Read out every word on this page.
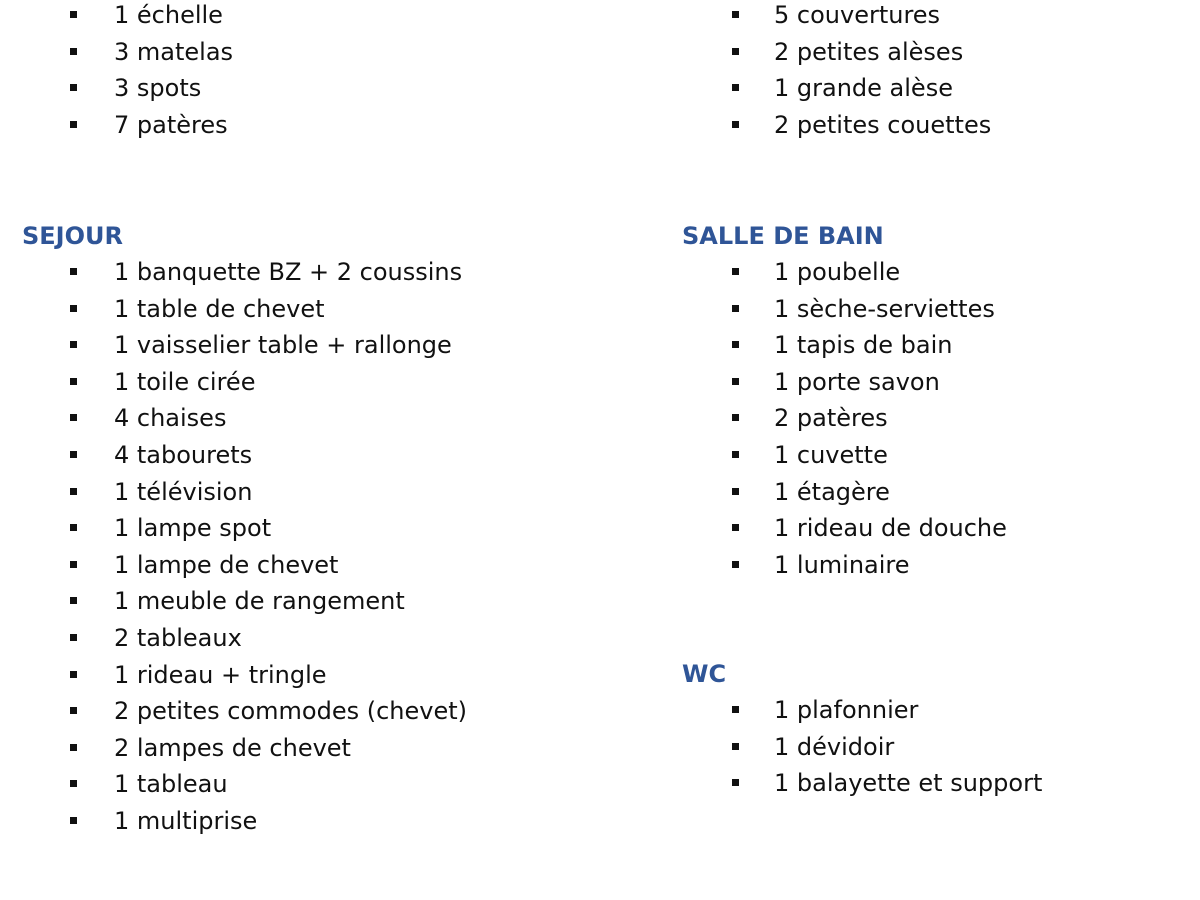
1 échelle
3 matelas
3 spots
7 patères
SEJOUR
1 banquette BZ + 2 coussins
1 table de chevet
1 vaisselier table + rallonge
1 toile cirée
4 chaises
4 tabourets
1 télévision
1 lampe spot
1 lampe de chevet
1 meuble de rangement
2 tableaux
1 rideau + tringle
2 petites commodes (chevet)
2 lampes de chevet
1 tableau
1 multiprise
5 couvertures
2 petites alèses
1 grande alèse
2 petites couettes
SALLE DE BAIN
1 poubelle
1 sèche-serviettes
1 tapis de bain
1 porte savon
2 patères
1 cuvette
1 étagère
1 rideau de douche
1 luminaire
WC
1 plafonnier
1 dévidoir
1 balayette et support
